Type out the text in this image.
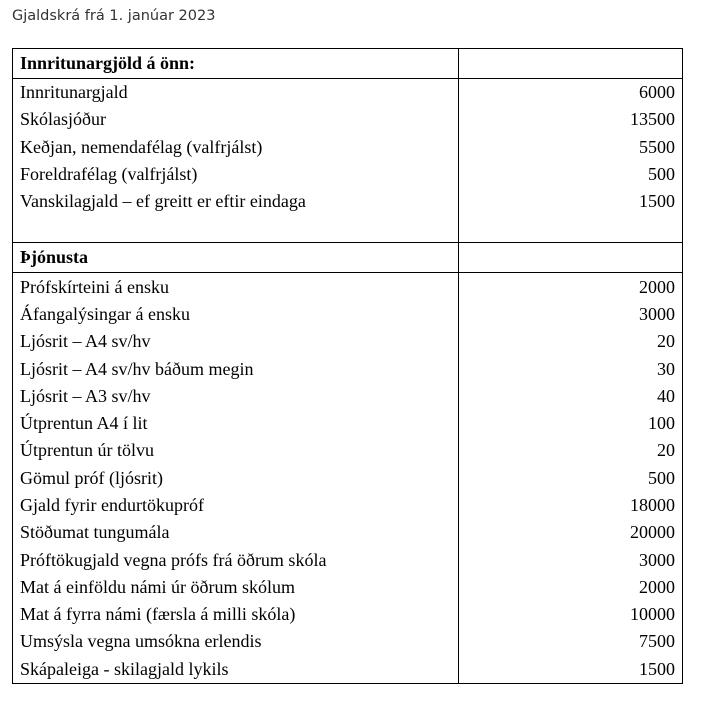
Gjaldskrá frá 1. janúar 2023
Innritunargjöld á önn:	
Innritunargjald	6000
Skólasjóður	13500
Keðjan, nemendafélag (valfrjálst)	5500
Foreldrafélag (valfrjálst)	500
Vanskilagjald – ef greitt er eftir eindaga	1500

Þjónusta	
Prófskírteini á ensku	2000
Áfangalýsingar á ensku	3000
Ljósrit – A4 sv/hv	20
Ljósrit – A4 sv/hv báðum megin	30
Ljósrit – A3 sv/hv	40
Útprentun A4 í lit	100
Útprentun úr tölvu	20
Gömul próf (ljósrit)	500
Gjald fyrir endurtökupróf	18000
Stöðumat tungumála	20000
Próftökugjald vegna prófs frá öðrum skóla	3000
Mat á einföldu námi úr öðrum skólum	2000
Mat á fyrra námi (færsla á milli skóla)	10000
Umsýsla vegna umsókna erlendis	7500
Skápaleiga - skilagjald lykils	1500
